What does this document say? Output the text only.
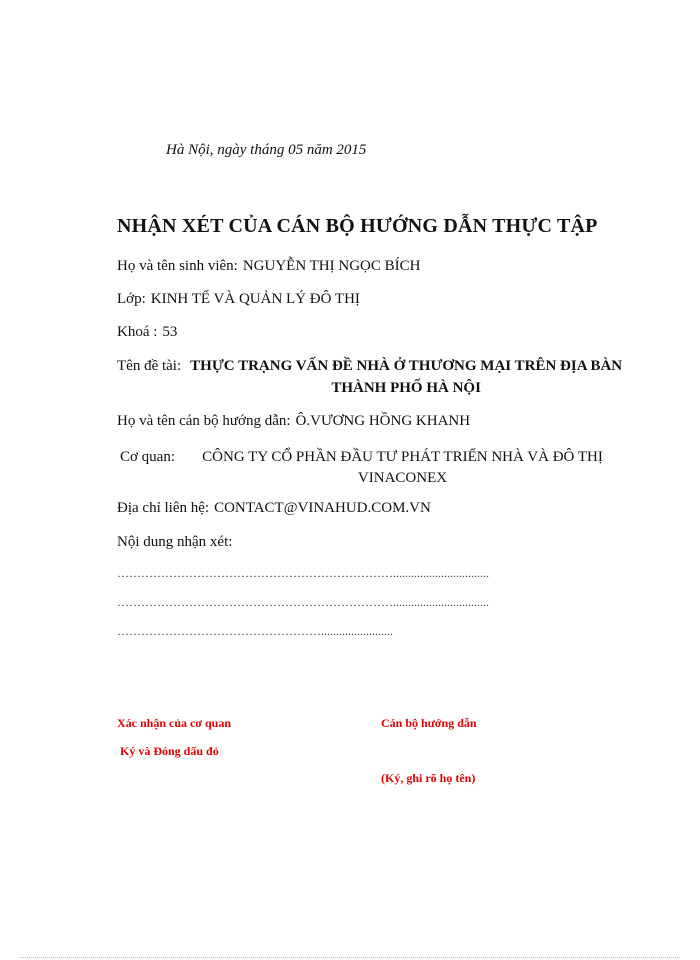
Hà Nội, ngày tháng 05 năm 2015
NHẬN XÉT CỦA CÁN BỘ HƯỚNG DẪN THỰC TẬP
Họ và tên sinh viên: NGUYỄN THỊ NGỌC BÍCH
Lớp: KINH TẾ VÀ QUẢN LÝ ĐÔ THỊ
Khoá : 53
Tên đề tài: THỰC TRẠNG VẤN ĐỀ NHÀ Ở THƯƠNG MẠI TRÊN ĐỊA BÀN THÀNH PHỐ HÀ NỘI
Họ và tên cán bộ hướng dẫn: Ô.VƯƠNG HỒNG KHANH
Cơ quan: CÔNG TY CỔ PHẦN ĐẦU TƯ PHÁT TRIỂN NHÀ VÀ ĐÔ THỊ VINACONEX
Địa chỉ liên hệ: CONTACT@VINAHUD.COM.VN
Nội dung nhận xét:
……………………………………………………………................................
……………………………………………………………................................
……………………………………………........................
Xác nhận của cơ quan
Ký và Đóng dấu đỏ
Cán bộ hướng dẫn
(Ký, ghi rõ họ tên)
